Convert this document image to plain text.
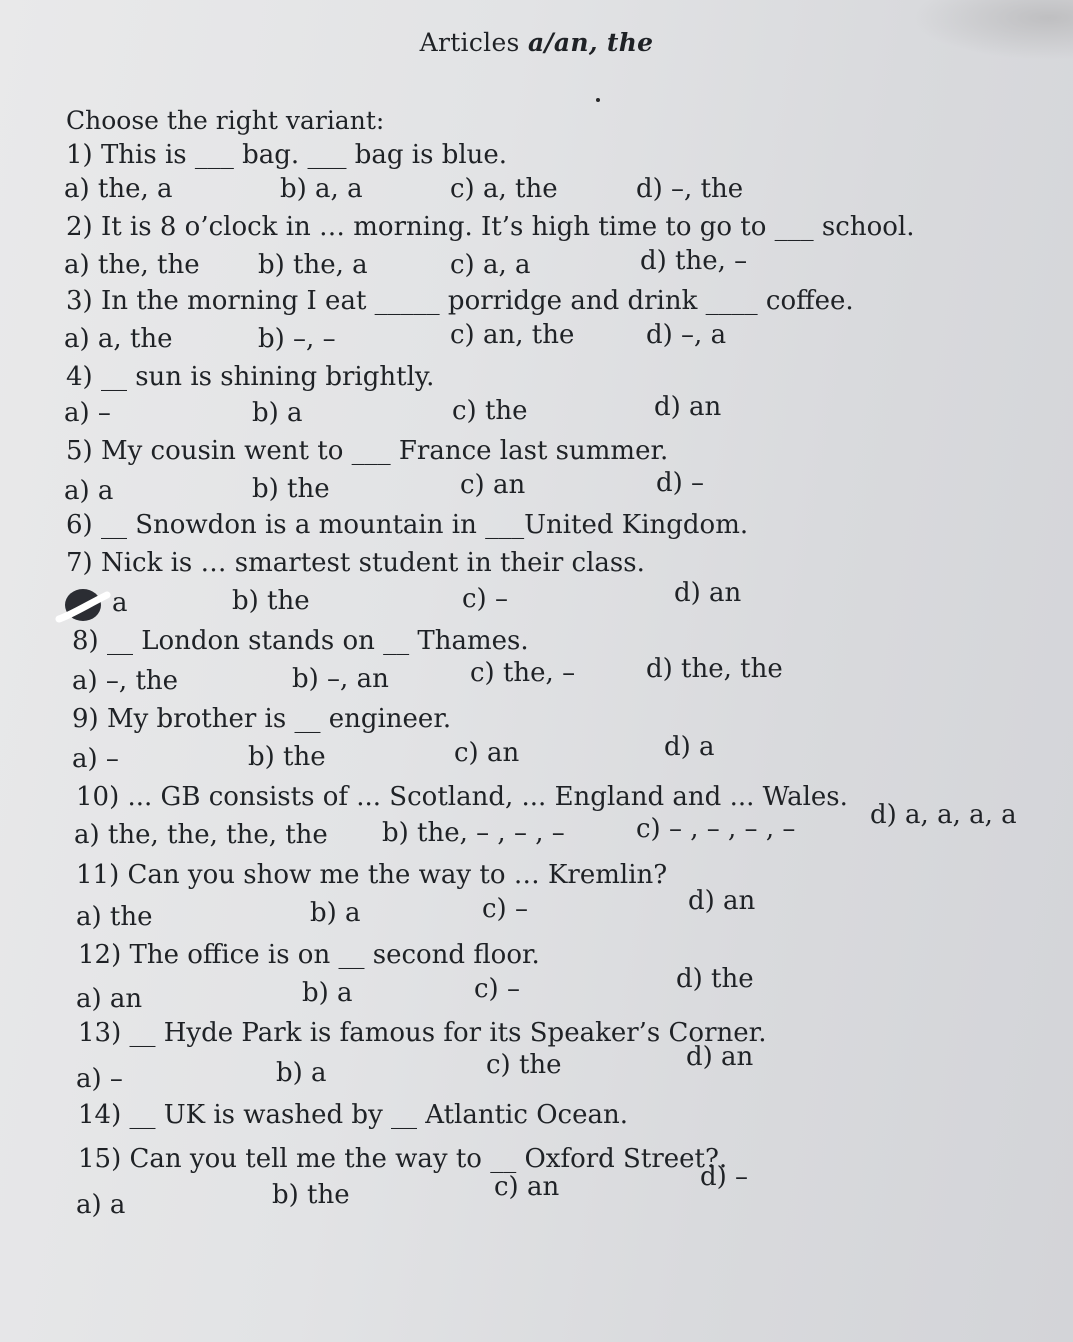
Articles a/an, the
Choose the right variant:
1) This is ___ bag. ___ bag is blue.
a) the, a	b) a, a	c) a, the	d) –, the
2) It is 8 o’clock in … morning. It’s high time to go to ___ school.
a) the, the b) the, a	c) a, a	d) the, –
3) In the morning I eat _____ porridge and drink ____ coffee.
a) a, the	b) –, –	c) an, the	d) –, a
4) __ sun is shining brightly.
a) –	b) a	c) the	d) an
5) My cousin went to ___ France last summer.
a) a	b) the	c) an	d) –
6) __ Snowdon is a mountain in ___United Kingdom.
7) Nick is … smartest student in their class.
a	b) the	c) –	d) an
8) __ London stands on __ Thames.
a) –, the	b) –, an	c) the, –	d) the, the
9) My brother is __ engineer.
a) –	b) the	c) an	d) a
10) ... GB consists of ... Scotland, ... England and ... Wales.
a) the, the, the, the b) the, – , – , –	c) – , – , – , –	d) a, a, a, a
11) Can you show me the way to … Kremlin?
a) the	b) a	c) –	d) an
12) The office is on __ second floor.
a) an	b) a	c) –	d) the
13) __ Hyde Park is famous for its Speaker’s Corner.
a) –	b) a	c) the	d) an
14) __ UK is washed by __ Atlantic Ocean.
15) Can you tell me the way to __ Oxford Street?.
a) a	b) the	c) an	d) –
